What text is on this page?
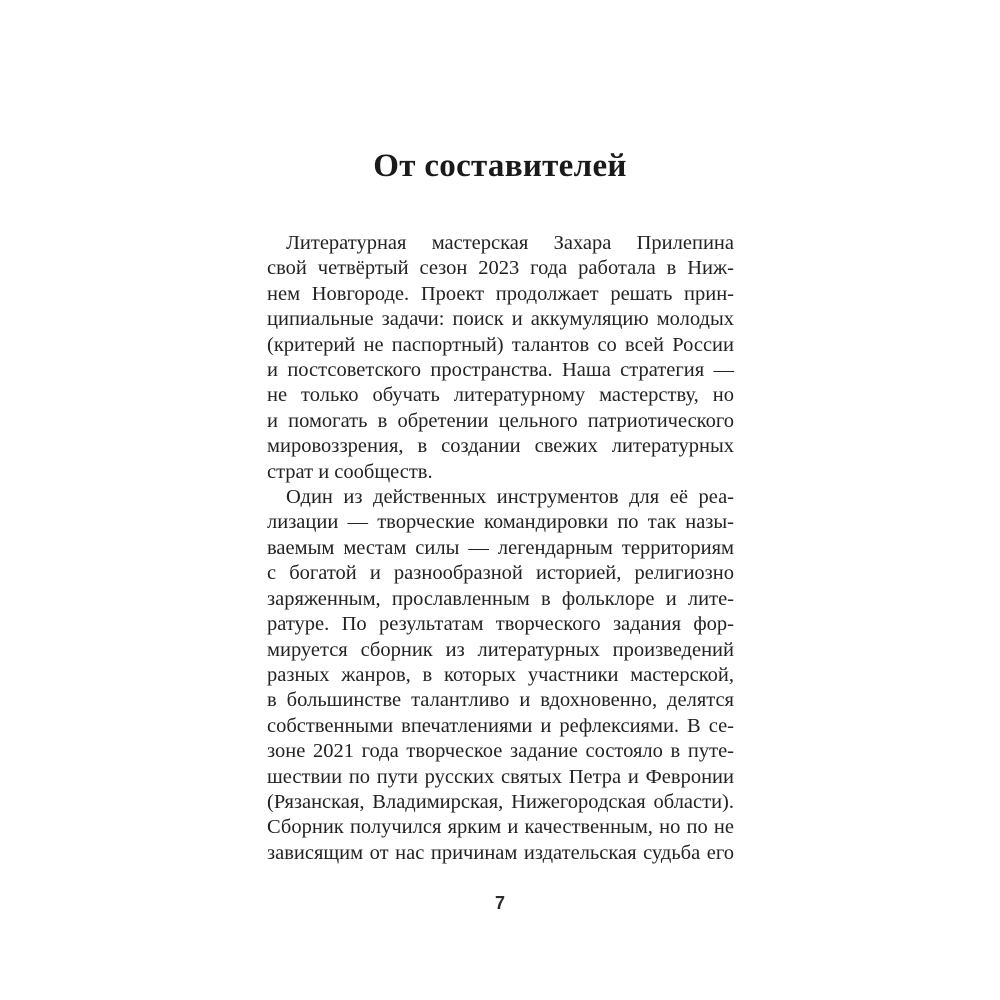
От составителей
Литературная мастерская Захара Прилепина
свой четвёртый сезон 2023 года работала в Ниж-
нем Новгороде. Проект продолжает решать прин-
ципиальные задачи: поиск и аккумуляцию молодых
(критерий не паспортный) талантов со всей России
и постсоветского пространства. Наша стратегия —
не только обучать литературному мастерству, но
и помогать в обретении цельного патриотического
мировоззрения, в создании свежих литературных
страт и сообществ.
Один из действенных инструментов для её реа-
лизации — творческие командировки по так назы-
ваемым местам силы — легендарным территориям
с богатой и разнообразной историей, религиозно
заряженным, прославленным в фольклоре и лите-
ратуре. По результатам творческого задания фор-
мируется сборник из литературных произведений
разных жанров, в которых участники мастерской,
в большинстве талантливо и вдохновенно, делятся
собственными впечатлениями и рефлексиями. В се-
зоне 2021 года творческое задание состояло в путе-
шествии по пути русских святых Петра и Февронии
(Рязанская, Владимирская, Нижегородская области).
Сборник получился ярким и качественным, но по не
зависящим от нас причинам издательская судьба его
7
